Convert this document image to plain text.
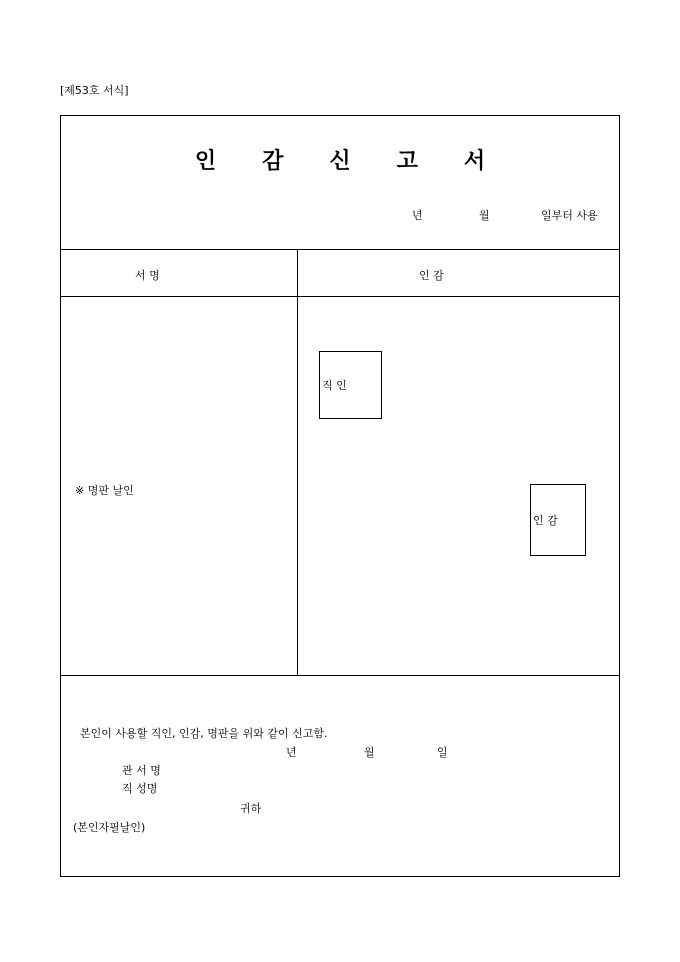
[제53호 서식]
인 감 신 고 서
년	월	일부터 사용
서 명	인 감
※ 명판 날인
직 인
인 감
본인이 사용할 직인, 인감, 명판을 위와 같이 신고함.
년	월	일
관 서 명
직 성명
귀하
(본인자필날인)
